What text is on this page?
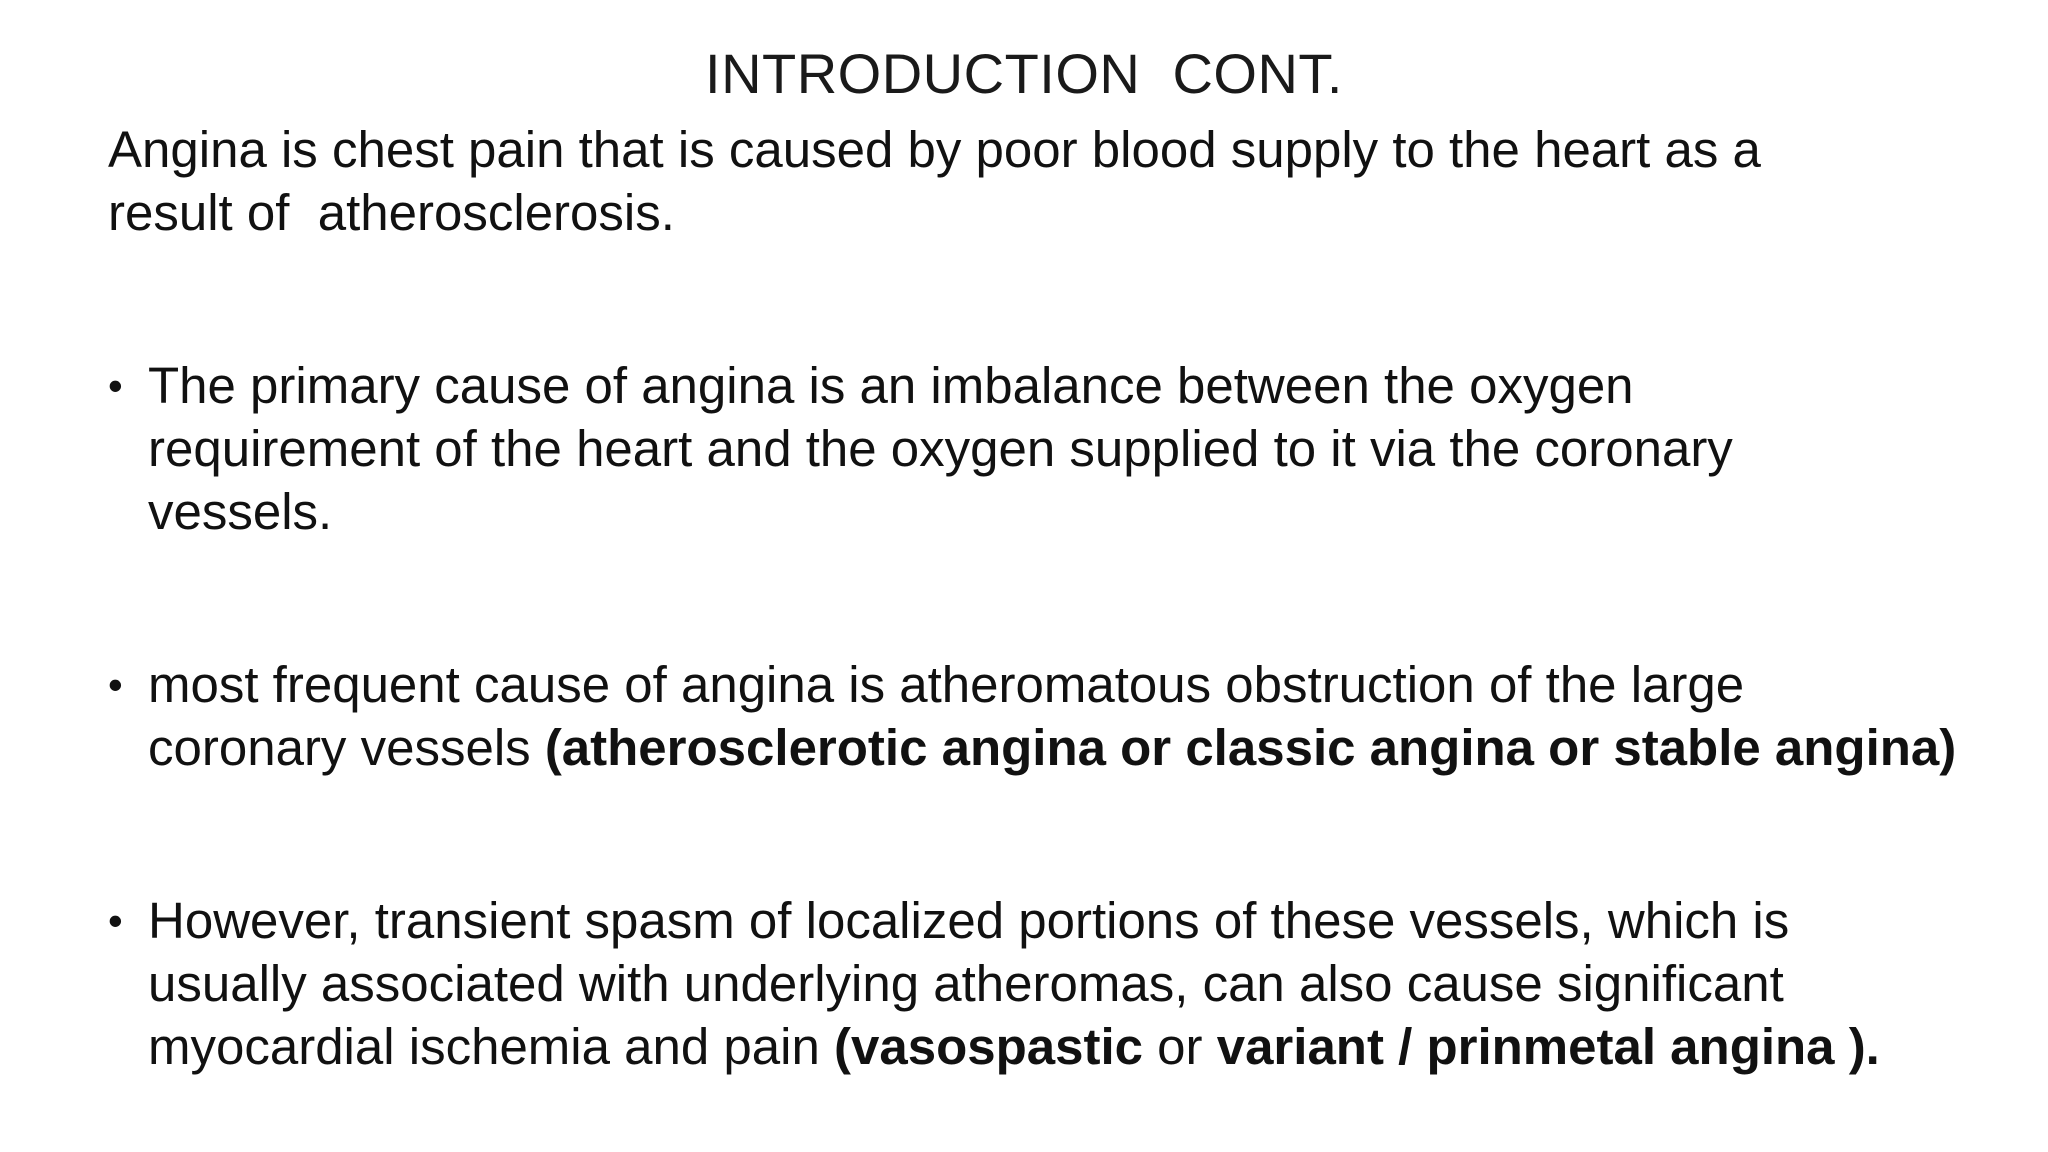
INTRODUCTION  CONT.

Angina is chest pain that is caused by poor blood supply to the heart as a
result of  atherosclerosis.

• The primary cause of angina is an imbalance between the oxygen
requirement of the heart and the oxygen supplied to it via the coronary
vessels.
• most frequent cause of angina is atheromatous obstruction of the large
coronary vessels (atherosclerotic angina or classic angina or stable angina)
• However, transient spasm of localized portions of these vessels, which is
usually associated with underlying atheromas, can also cause significant
myocardial ischemia and pain (vasospastic or variant / prinmetal angina ).
